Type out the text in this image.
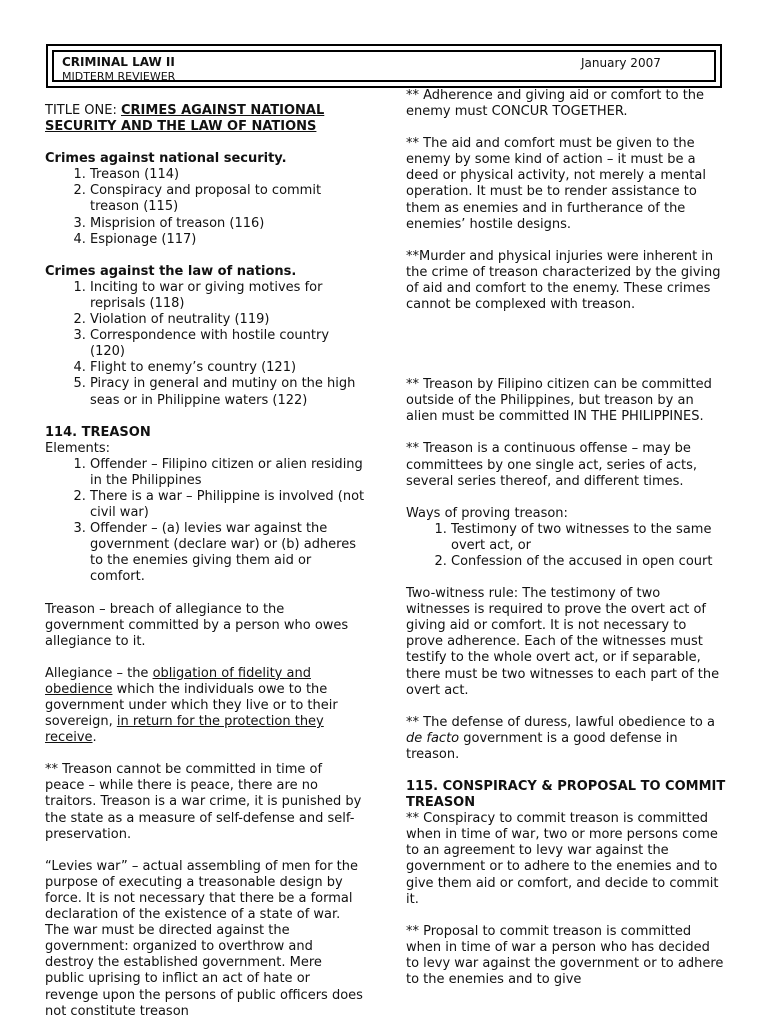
CRIMINAL LAW II
MIDTERM REVIEWER
January 2007

TITLE ONE: CRIMES AGAINST NATIONAL SECURITY AND THE LAW OF NATIONS

Crimes against national security.

1. Treason (114)
2. Conspiracy and proposal to commit treason (115)
3. Misprision of treason (116)
4. Espionage (117)

Crimes against the law of nations.

1. Inciting to war or giving motives for reprisals (118)
2. Violation of neutrality (119)
3. Correspondence with hostile country (120)
4. Flight to enemy’s country (121)
5. Piracy in general and mutiny on the high seas or in Philippine waters (122)

114. TREASON

Elements:

1. Offender – Filipino citizen or alien residing in the Philippines
2. There is a war – Philippine is involved (not civil war)
3. Offender – (a) levies war against the government (declare war) or (b) adheres to the enemies giving them aid or comfort.

Treason – breach of allegiance to the government committed by a person who owes allegiance to it.

Allegiance – the obligation of fidelity and obedience which the individuals owe to the government under which they live or to their sovereign, in return for the protection they receive.

** Treason cannot be committed in time of peace – while there is peace, there are no traitors. Treason is a war crime, it is punished by the state as a measure of self-defense and self-preservation.

“Levies war” – actual assembling of men for the purpose of executing a treasonable design by force. It is not necessary that there be a formal declaration of the existence of a state of war. The war must be directed against the government: organized to overthrow and destroy the established government. Mere public uprising to inflict an act of hate or revenge upon the persons of public officers does not constitute treason

** Adherence and giving aid or comfort to the enemy must CONCUR TOGETHER.

** The aid and comfort must be given to the enemy by some kind of action – it must be a deed or physical activity, not merely a mental operation. It must be to render assistance to them as enemies and in furtherance of the enemies’ hostile designs.

**Murder and physical injuries were inherent in the crime of treason characterized by the giving of aid and comfort to the enemy. These crimes cannot be complexed with treason.

** Treason by Filipino citizen can be committed outside of the Philippines, but treason by an alien must be committed IN THE PHILIPPINES.

** Treason is a continuous offense – may be committees by one single act, series of acts, several series thereof, and different times.

Ways of proving treason:

1. Testimony of two witnesses to the same overt act, or
2. Confession of the accused in open court

Two-witness rule: The testimony of two witnesses is required to prove the overt act of giving aid or comfort. It is not necessary to prove adherence. Each of the witnesses must testify to the whole overt act, or if separable, there must be two witnesses to each part of the overt act.

** The defense of duress, lawful obedience to a de facto government is a good defense in treason.

115. CONSPIRACY & PROPOSAL TO COMMIT TREASON

** Conspiracy to commit treason is committed when in time of war, two or more persons come to an agreement to levy war against the government or to adhere to the enemies and to give them aid or comfort, and decide to commit it.

** Proposal to commit treason is committed when in time of war a person who has decided to levy war against the government or to adhere to the enemies and to give
